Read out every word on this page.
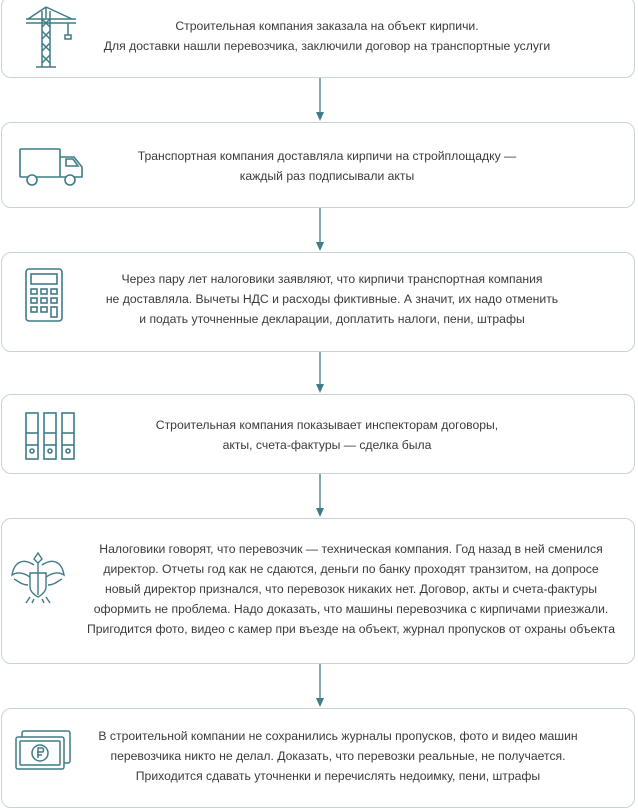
Строительная компания заказала на объект кирпичи.
Для доставки нашли перевозчика, заключили договор на транспортные услуги
Транспортная компания доставляла кирпичи на стройплощадку —
каждый раз подписывали акты
Через пару лет налоговики заявляют, что кирпичи транспортная компания
не доставляла. Вычеты НДС и расходы фиктивные. А значит, их надо отменить
и подать уточненные декларации, доплатить налоги, пени, штрафы
Строительная компания показывает инспекторам договоры,
акты, счета-фактуры — сделка была
Налоговики говорят, что перевозчик — техническая компания. Год назад в ней сменился
директор. Отчеты год как не сдаются, деньги по банку проходят транзитом, на допросе
новый директор признался, что перевозок никаких нет. Договор, акты и счета-фактуры
оформить не проблема. Надо доказать, что машины перевозчика с кирпичами приезжали.
Пригодится фото, видео с камер при въезде на объект, журнал пропусков от охраны объекта
В строительной компании не сохранились журналы пропусков, фото и видео машин
перевозчика никто не делал. Доказать, что перевозки реальные, не получается.
Приходится сдавать уточненки и перечислять недоимку, пени, штрафы
